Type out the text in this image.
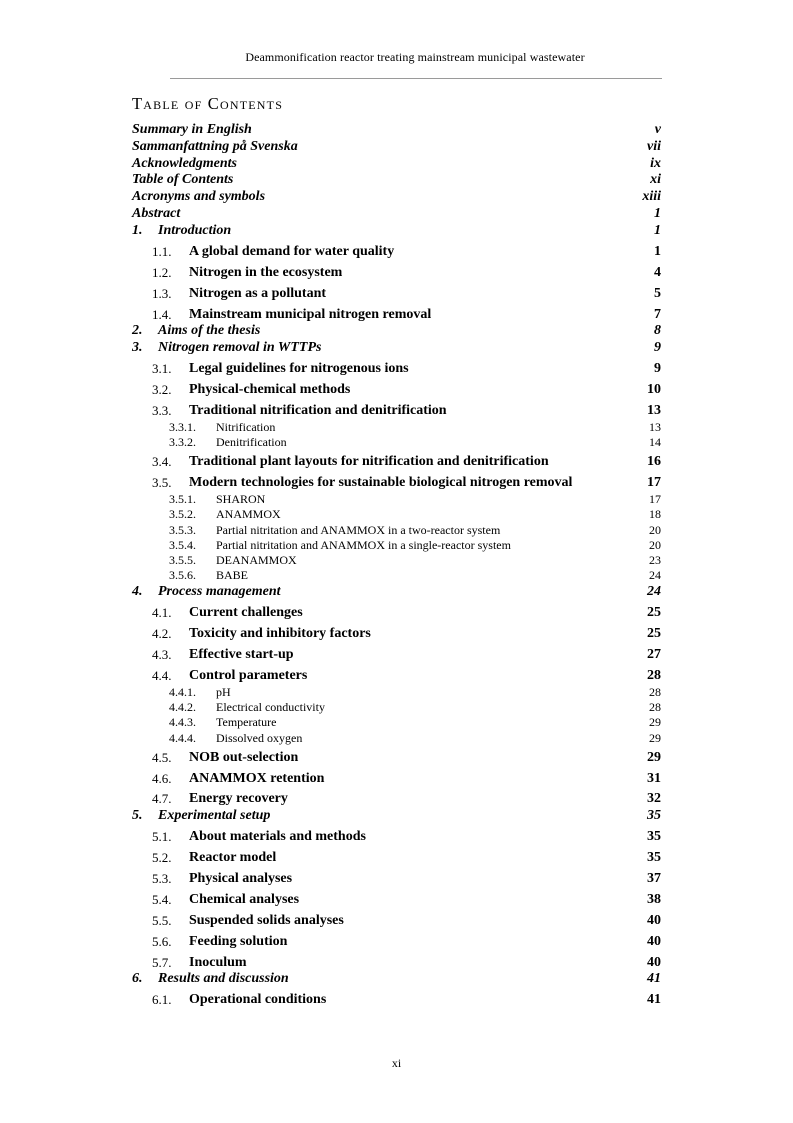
Deammonification reactor treating mainstream municipal wastewater
Table of Contents
Summary in English	v
Sammanfattning på Svenska	vii
Acknowledgments	ix
Table of Contents	xi
Acronyms and symbols	xiii
Abstract	1
1. Introduction	1
1.1. A global demand for water quality	1
1.2. Nitrogen in the ecosystem	4
1.3. Nitrogen as a pollutant	5
1.4. Mainstream municipal nitrogen removal	7
2. Aims of the thesis	8
3. Nitrogen removal in WTTPs	9
3.1. Legal guidelines for nitrogenous ions	9
3.2. Physical-chemical methods	10
3.3. Traditional nitrification and denitrification	13
3.3.1. Nitrification	13
3.3.2. Denitrification	14
3.4. Traditional plant layouts for nitrification and denitrification	16
3.5. Modern technologies for sustainable biological nitrogen removal	17
3.5.1. SHARON	17
3.5.2. ANAMMOX	18
3.5.3. Partial nitritation and ANAMMOX in a two-reactor system	20
3.5.4. Partial nitritation and ANAMMOX in a single-reactor system	20
3.5.5. DEANAMMOX	23
3.5.6. BABE	24
4. Process management	24
4.1. Current challenges	25
4.2. Toxicity and inhibitory factors	25
4.3. Effective start-up	27
4.4. Control parameters	28
4.4.1. pH	28
4.4.2. Electrical conductivity	28
4.4.3. Temperature	29
4.4.4. Dissolved oxygen	29
4.5. NOB out-selection	29
4.6. ANAMMOX retention	31
4.7. Energy recovery	32
5. Experimental setup	35
5.1. About materials and methods	35
5.2. Reactor model	35
5.3. Physical analyses	37
5.4. Chemical analyses	38
5.5. Suspended solids analyses	40
5.6. Feeding solution	40
5.7. Inoculum	40
6. Results and discussion	41
6.1. Operational conditions	41
xi
